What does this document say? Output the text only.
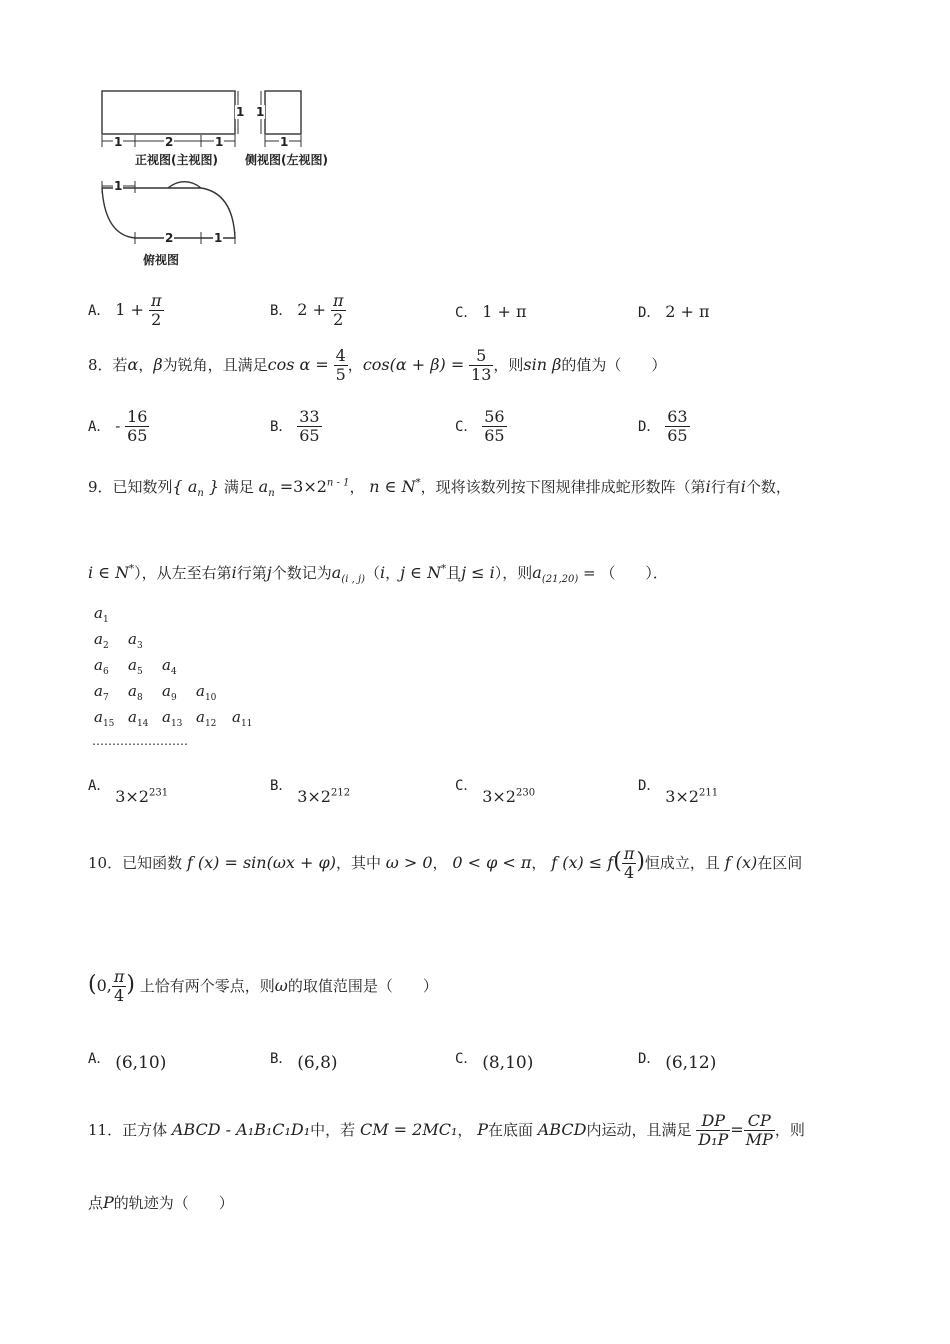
1	2	1
1 1
1
正视图(主视图) 侧视图(左视图)
1
2	1
俯视图
A． $1 + \frac{\pi}{2}$	B． $2 + \frac{\pi}{2}$	C． 1 + π	D． 2 + π
8．若α，β为锐角，且满足$\cos \alpha = \frac{4}{5}$ ，$\cos(\alpha + \beta) = \frac{5}{13}$ ，则sin β的值为（　　）
A． - $\frac{16}{65}$	B． $\frac{33}{65}$	C． $\frac{56}{65}$	D． $\frac{63}{65}$
9．已知数列{ $a_n$ } 满足 $a_n =3\times 2^{n - 1}$， n ∈ N*，现将该数列按下图规律排成蛇形数阵（第i行有i个数，
i ∈ N*），从左至右第i行第j个数记为$a_{(i , j)}(i$，j ∈ N*且j ≤ i），则$a_{(21,20)}$ = （　　）．
$a_1$
$a_2$ $a_3$
$a_6$ $a_5$ $a_4$
$a_7$ $a_8$ $a_9$ $a_{10}$
$a_{15}$ $a_{14}$ $a_{13}$ $a_{12}$ $a_{11}$
……………………
A． $3\times 2^{231}$	B． $3\times 2^{212}$	C． $3\times 2^{230}$	D． $3\times 2^{211}$
10．已知函数 f (x) = sin(ωx + φ)，其中 ω > 0， 0 < φ < π， f $(x) \le f( \frac{\pi}{4}$ )恒成立，且 f (x)在区间
(0, $\frac{\pi}{4}$ ) 上恰有两个零点，则ω的取值范围是（　　）
A． (6,10)	B． (6,8)	C． (8,10)	D． (6,12)
11．正方体 ABCD - A₁B₁C₁D₁中，若 CM = 2MC₁， P在底面 ABCD内运动，且满足 $\frac{DP}{\text{D₁P}} = \frac{CP}{MP}$ ，则
点P的轨迹为（　　）
